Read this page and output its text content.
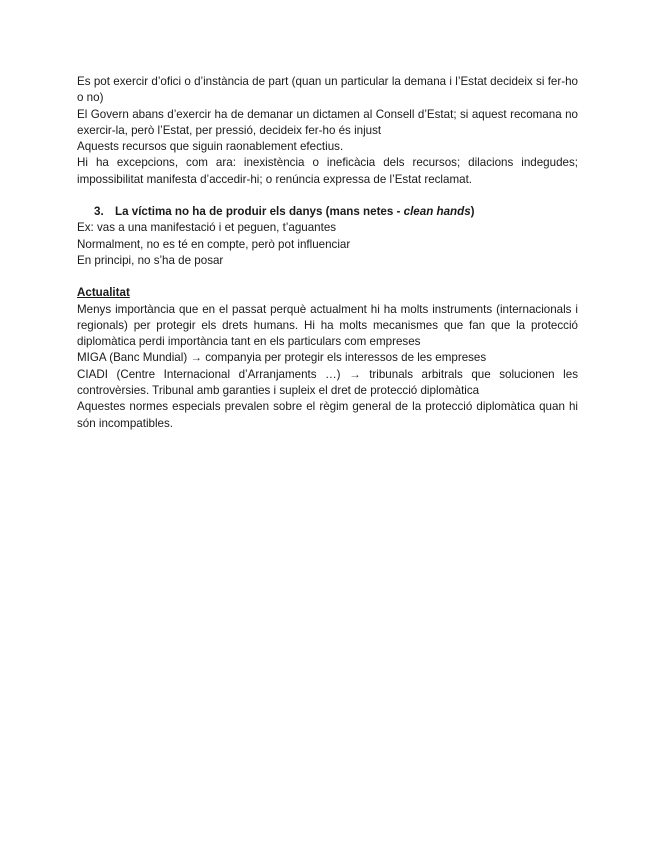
Es pot exercir d’ofici o d’instància de part (quan un particular la demana i l’Estat decideix si fer-ho o no)

El Govern abans d’exercir ha de demanar un dictamen al Consell d’Estat; si aquest recomana no exercir-la, però l’Estat, per pressió, decideix fer-ho és injust

Aquests recursos que siguin raonablement efectius.

Hi ha excepcions, com ara: inexistència o ineficàcia dels recursos; dilacions indegudes; impossibilitat manifesta d’accedir-hi; o renúncia expressa de l’Estat reclamat.

3. La víctima no ha de produir els danys (mans netes - clean hands)

Ex: vas a una manifestació i et peguen, t’aguantes

Normalment, no es té en compte, però pot influenciar

En principi, no s’ha de posar

Actualitat

Menys importància que en el passat perquè actualment hi ha molts instruments (internacionals i regionals) per protegir els drets humans. Hi ha molts mecanismes que fan que la protecció diplomàtica perdi importància tant en els particulars com empreses

MIGA (Banc Mundial) → companyia per protegir els interessos de les empreses

CIADI (Centre Internacional d’Arranjaments …) → tribunals arbitrals que solucionen les controvèrsies. Tribunal amb garanties i supleix el dret de protecció diplomàtica

Aquestes normes especials prevalen sobre el règim general de la protecció diplomàtica quan hi són incompatibles.
